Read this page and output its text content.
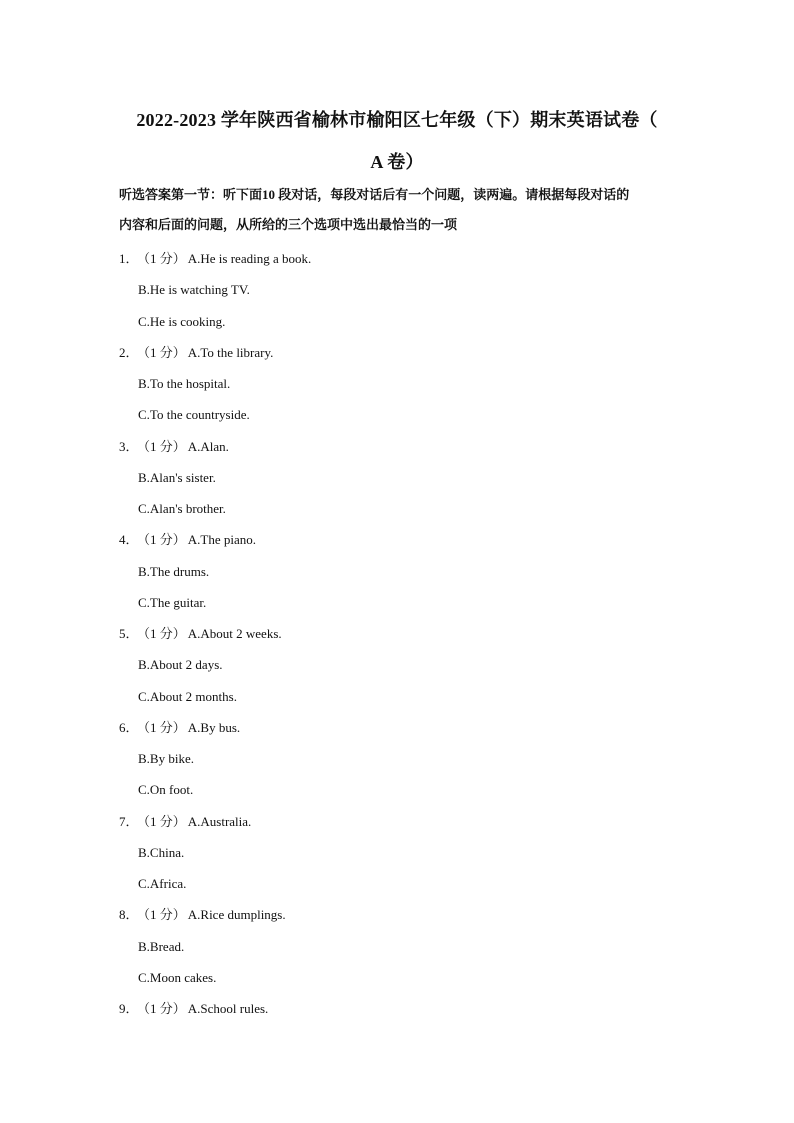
2022-2023 学年陕西省榆林市榆阳区七年级（下）期末英语试卷（
A 卷）
听选答案第一节：听下面10 段对话，每段对话后有一个问题，读两遍。请根据每段对话的
内容和后面的问题，从所给的三个选项中选出最恰当的一项
1．（1 分） A.He is reading a book.
B.He is watching TV.
C.He is cooking.
2．（1 分） A.To the library.
B.To the hospital.
C.To the countryside.
3．（1 分） A.Alan.
B.Alan's sister.
C.Alan's brother.
4．（1 分） A.The piano.
B.The drums.
C.The guitar.
5．（1 分） A.About 2 weeks.
B.About 2 days.
C.About 2 months.
6．（1 分） A.By bus.
B.By bike.
C.On foot.
7．（1 分） A.Australia.
B.China.
C.Africa.
8．（1 分） A.Rice dumplings.
B.Bread.
C.Moon cakes.
9．（1 分） A.School rules.
